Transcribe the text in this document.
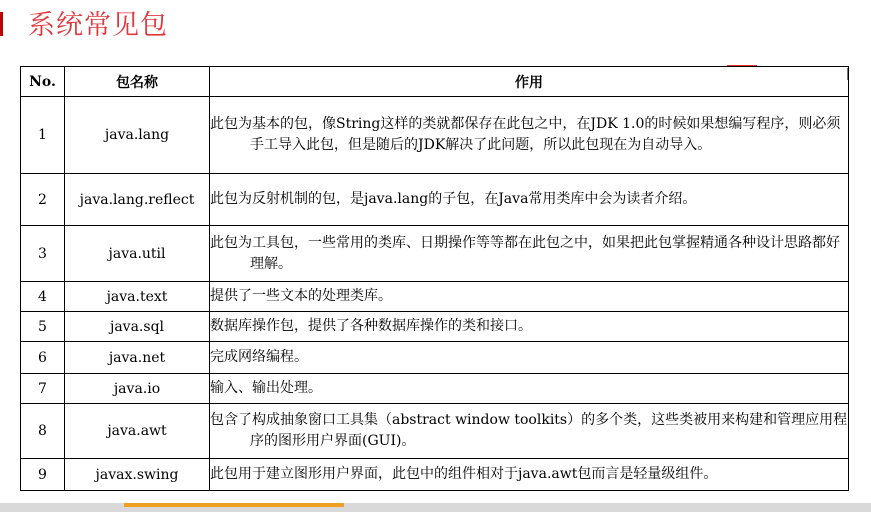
系统常见包
No.	包名称	作用
1	java.lang	此包为基本的包，像String这样的类就都保存在此包之中，在JDK 1.0的时候如果想编写程序，则必须手工导入此包，但是随后的JDK解决了此问题，所以此包现在为自动导入。

2	java.lang.reflect	此包为反射机制的包，是java.lang的子包，在Java常用类库中会为读者介绍。

3	java.util	此包为工具包，一些常用的类库、日期操作等等都在此包之中，如果把此包掌握精通各种设计思路都好理解。

4	java.text	提供了一些文本的处理类库。

5	java.sql	数据库操作包，提供了各种数据库操作的类和接口。

6	java.net	完成网络编程。

7	java.io	输入、输出处理。

8	java.awt	包含了构成抽象窗口工具集（abstract window toolkits）的多个类，这些类被用来构建和管理应用程序的图形用户界面(GUI)。

9	javax.swing	此包用于建立图形用户界面，此包中的组件相对于java.awt包而言是轻量级组件。
